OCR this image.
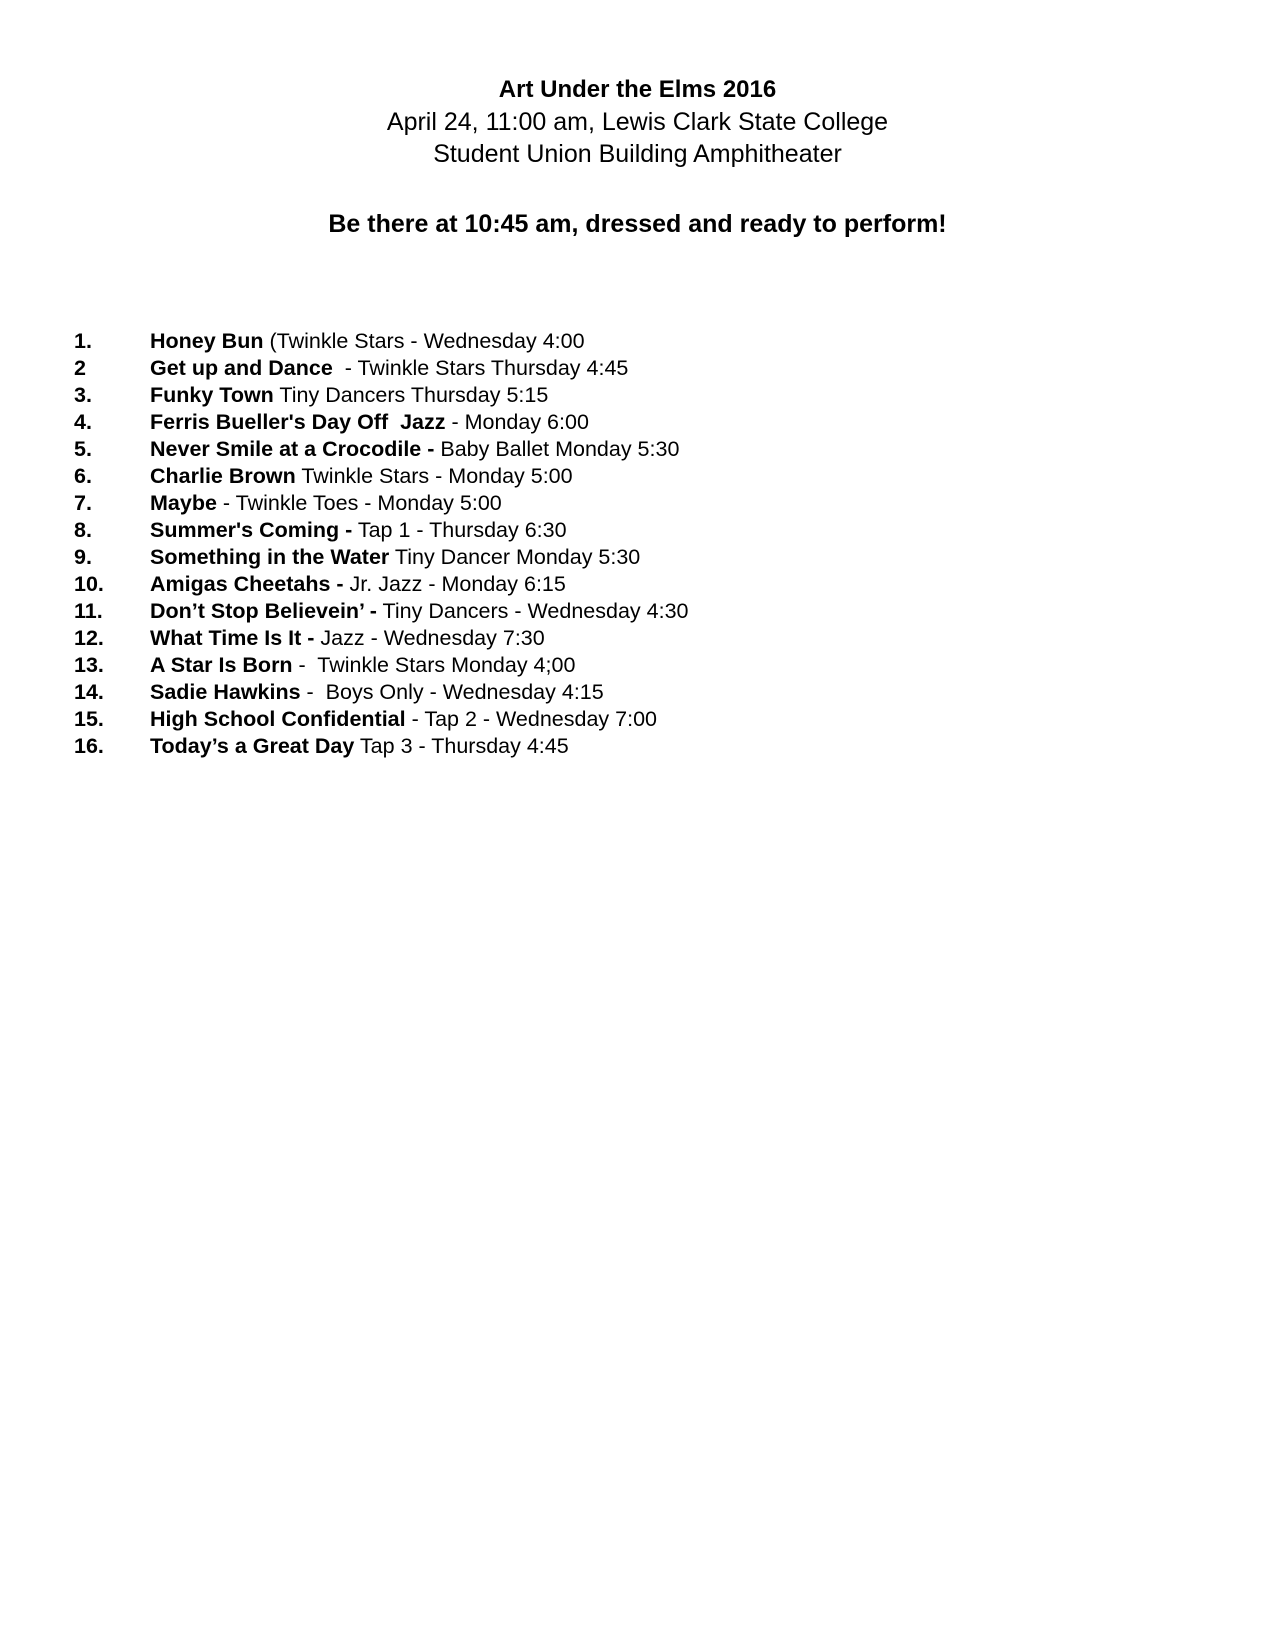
Art Under the Elms 2016

April 24, 11:00 am, Lewis Clark State College

Student Union Building Amphitheater

Be there at 10:45 am, dressed and ready to perform!
1.	Honey Bun (Twinkle Stars - Wednesday 4:00
2	Get up and Dance - Twinkle Stars Thursday 4:45
3.	Funky Town Tiny Dancers Thursday 5:15
4.	Ferris Bueller's Day Off  Jazz - Monday 6:00
5.	Never Smile at a Crocodile - Baby Ballet Monday 5:30
6.	Charlie Brown Twinkle Stars - Monday 5:00
7.	Maybe - Twinkle Toes - Monday 5:00
8.	Summer's Coming - Tap 1 - Thursday 6:30
9.	Something in the Water Tiny Dancer Monday 5:30
10.	Amigas Cheetahs - Jr. Jazz - Monday 6:15
11.	Don’t Stop Believein’ - Tiny Dancers - Wednesday 4:30
12.	What Time Is It - Jazz - Wednesday 7:30
13.	A Star Is Born -  Twinkle Stars Monday 4;00
14.	Sadie Hawkins -  Boys Only - Wednesday 4:15
15.	High School Confidential - Tap 2 - Wednesday 7:00
16.	Today’s a Great Day Tap 3 - Thursday 4:45
